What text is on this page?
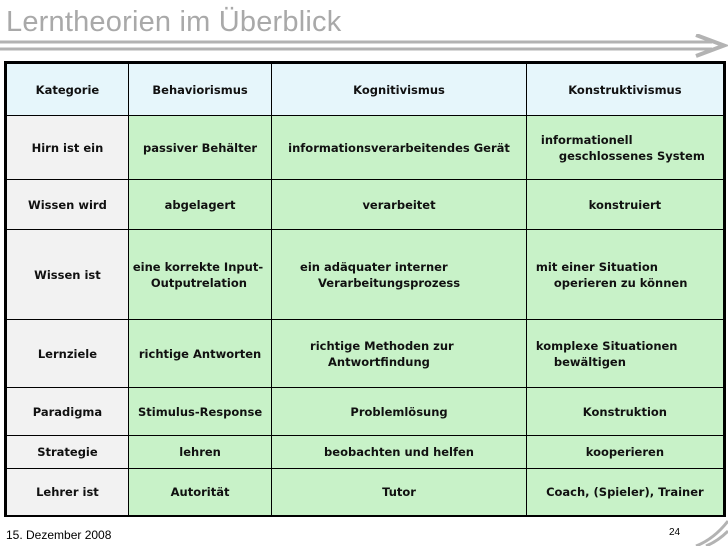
Lerntheorien im Überblick
Kategorie	Behaviorismus	Kognitivismus	Konstruktivismus
Hirn ist ein	passiver Behälter	informationsverarbeitendes Gerät	informationell geschlossenes System
Wissen wird	abgelagert	verarbeitet	konstruiert
Wissen ist	eine korrekte Input-Outputrelation	ein adäquater interner Verarbeitungsprozess	mit einer Situation operieren zu können
Lernziele	richtige Antworten	richtige Methoden zur Antwortfindung	komplexe Situationen bewältigen
Paradigma	Stimulus-Response	Problemlösung	Konstruktion
Strategie	lehren	beobachten und helfen	kooperieren
Lehrer ist	Autorität	Tutor	Coach, (Spieler), Trainer
15. Dezember 2008	24
